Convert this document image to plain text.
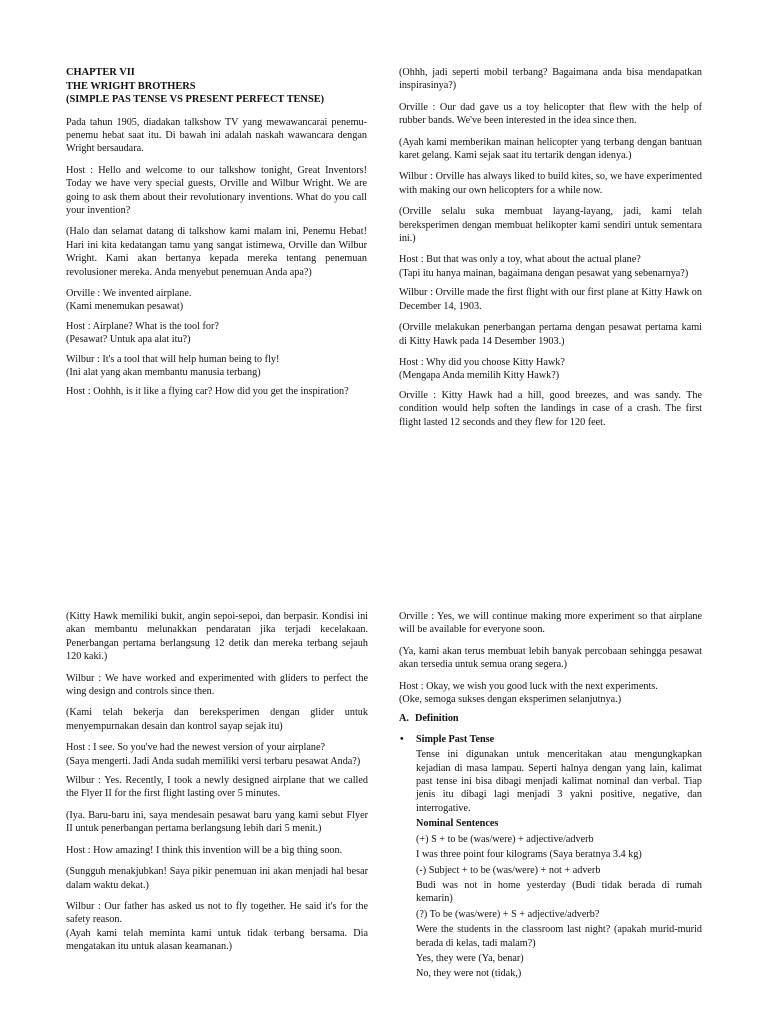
CHAPTER VII
THE WRIGHT BROTHERS
(SIMPLE PAS TENSE VS PRESENT PERFECT TENSE)

Pada tahun 1905, diadakan talkshow TV yang mewawancarai penemu-penemu hebat saat itu. Di bawah ini adalah naskah wawancara dengan Wright bersaudara.

Host : Hello and welcome to our talkshow tonight, Great Inventors! Today we have very special guests, Orville and Wilbur Wright. We are going to ask them about their revolutionary inventions. What do you call your invention?

(Halo dan selamat datang di talkshow kami malam ini, Penemu Hebat! Hari ini kita kedatangan tamu yang sangat istimewa, Orville dan Wilbur Wright. Kami akan bertanya kepada mereka tentang penemuan revolusioner mereka. Anda menyebut penemuan Anda apa?)

Orville : We invented airplane.
(Kami menemukan pesawat)

Host : Airplane? What is the tool for?
(Pesawat? Untuk apa alat itu?)

Wilbur : It's a tool that will help human being to fly!
(Ini alat yang akan membantu manusia terbang)

Host : Oohhh, is it like a flying car? How did you get the inspiration?

(Ohhh, jadi seperti mobil terbang? Bagaimana anda bisa mendapatkan inspirasinya?)

Orville : Our dad gave us a toy helicopter that flew with the help of rubber bands. We've been interested in the idea since then.

(Ayah kami memberikan mainan helicopter yang terbang dengan bantuan karet gelang. Kami sejak saat itu tertarik dengan idenya.)

Wilbur : Orville has always liked to build kites, so, we have experimented with making our own helicopters for a while now.

(Orville selalu suka membuat layang-layang, jadi, kami telah bereksperimen dengan membuat helikopter kami sendiri untuk sementara ini.)

Host : But that was only a toy, what about the actual plane?
(Tapi itu hanya mainan, bagaimana dengan pesawat yang sebenarnya?)

Wilbur : Orville made the first flight with our first plane at Kitty Hawk on December 14, 1903.

(Orville melakukan penerbangan pertama dengan pesawat pertama kami di Kitty Hawk pada 14 Desember 1903.)

Host : Why did you choose Kitty Hawk?
(Mengapa Anda memilih Kitty Hawk?)

Orville : Kitty Hawk had a hill, good breezes, and was sandy. The condition would help soften the landings in case of a crash. The first flight lasted 12 seconds and they flew for 120 feet.

(Kitty Hawk memiliki bukit, angin sepoi-sepoi, dan berpasir. Kondisi ini akan membantu melunakkan pendaratan jika terjadi kecelakaan. Penerbangan pertama berlangsung 12 detik dan mereka terbang sejauh 120 kaki.)

Wilbur : We have worked and experimented with gliders to perfect the wing design and controls since then.

(Kami telah bekerja dan bereksperimen dengan glider untuk menyempurnakan desain dan kontrol sayap sejak itu)

Host : I see. So you've had the newest version of your airplane?
(Saya mengerti. Jadi Anda sudah memiliki versi terbaru pesawat Anda?)

Wilbur : Yes. Recently, I took a newly designed airplane that we called the Flyer II for the first flight lasting over 5 minutes.

(Iya. Baru-baru ini, saya mendesain pesawat baru yang kami sebut Flyer II untuk penerbangan pertama berlangsung lebih dari 5 menit.)

Host : How amazing! I think this invention will be a big thing soon.

(Sungguh menakjubkan! Saya pikir penemuan ini akan menjadi hal besar dalam waktu dekat.)

Wilbur : Our father has asked us not to fly together. He said it's for the safety reason.
(Ayah kami telah meminta kami untuk tidak terbang bersama. Dia mengatakan itu untuk alasan keamanan.)

Orville : Yes, we will continue making more experiment so that airplane will be available for everyone soon.

(Ya, kami akan terus membuat lebih banyak percobaan sehingga pesawat akan tersedia untuk semua orang segera.)

Host : Okay, we wish you good luck with the next experiments.
(Oke, semoga sukses dengan eksperimen selanjutnya.)

A. Definition
•	Simple Past Tense

Tense ini digunakan untuk menceritakan atau mengungkapkan kejadian di masa lampau. Seperti halnya dengan yang lain, kalimat past tense ini bisa dibagi menjadi kalimat nominal dan verbal. Tiap jenis itu dibagi lagi menjadi 3 yakni positive, negative, dan interrogative.

Nominal Sentences

(+) S + to be (was/were) + adjective/adverb

I was three point four kilograms (Saya beratnya 3.4 kg)

(-) Subject + to be (was/were) + not + adverb

Budi was not in home yesterday (Budi tidak berada di rumah kemarin)

(?) To be (was/were) + S + adjective/adverb?

Were the students in the classroom last night? (apakah murid-murid berada di kelas, tadi malam?)

Yes, they were (Ya, benar)

No, they were not (tidak,)
